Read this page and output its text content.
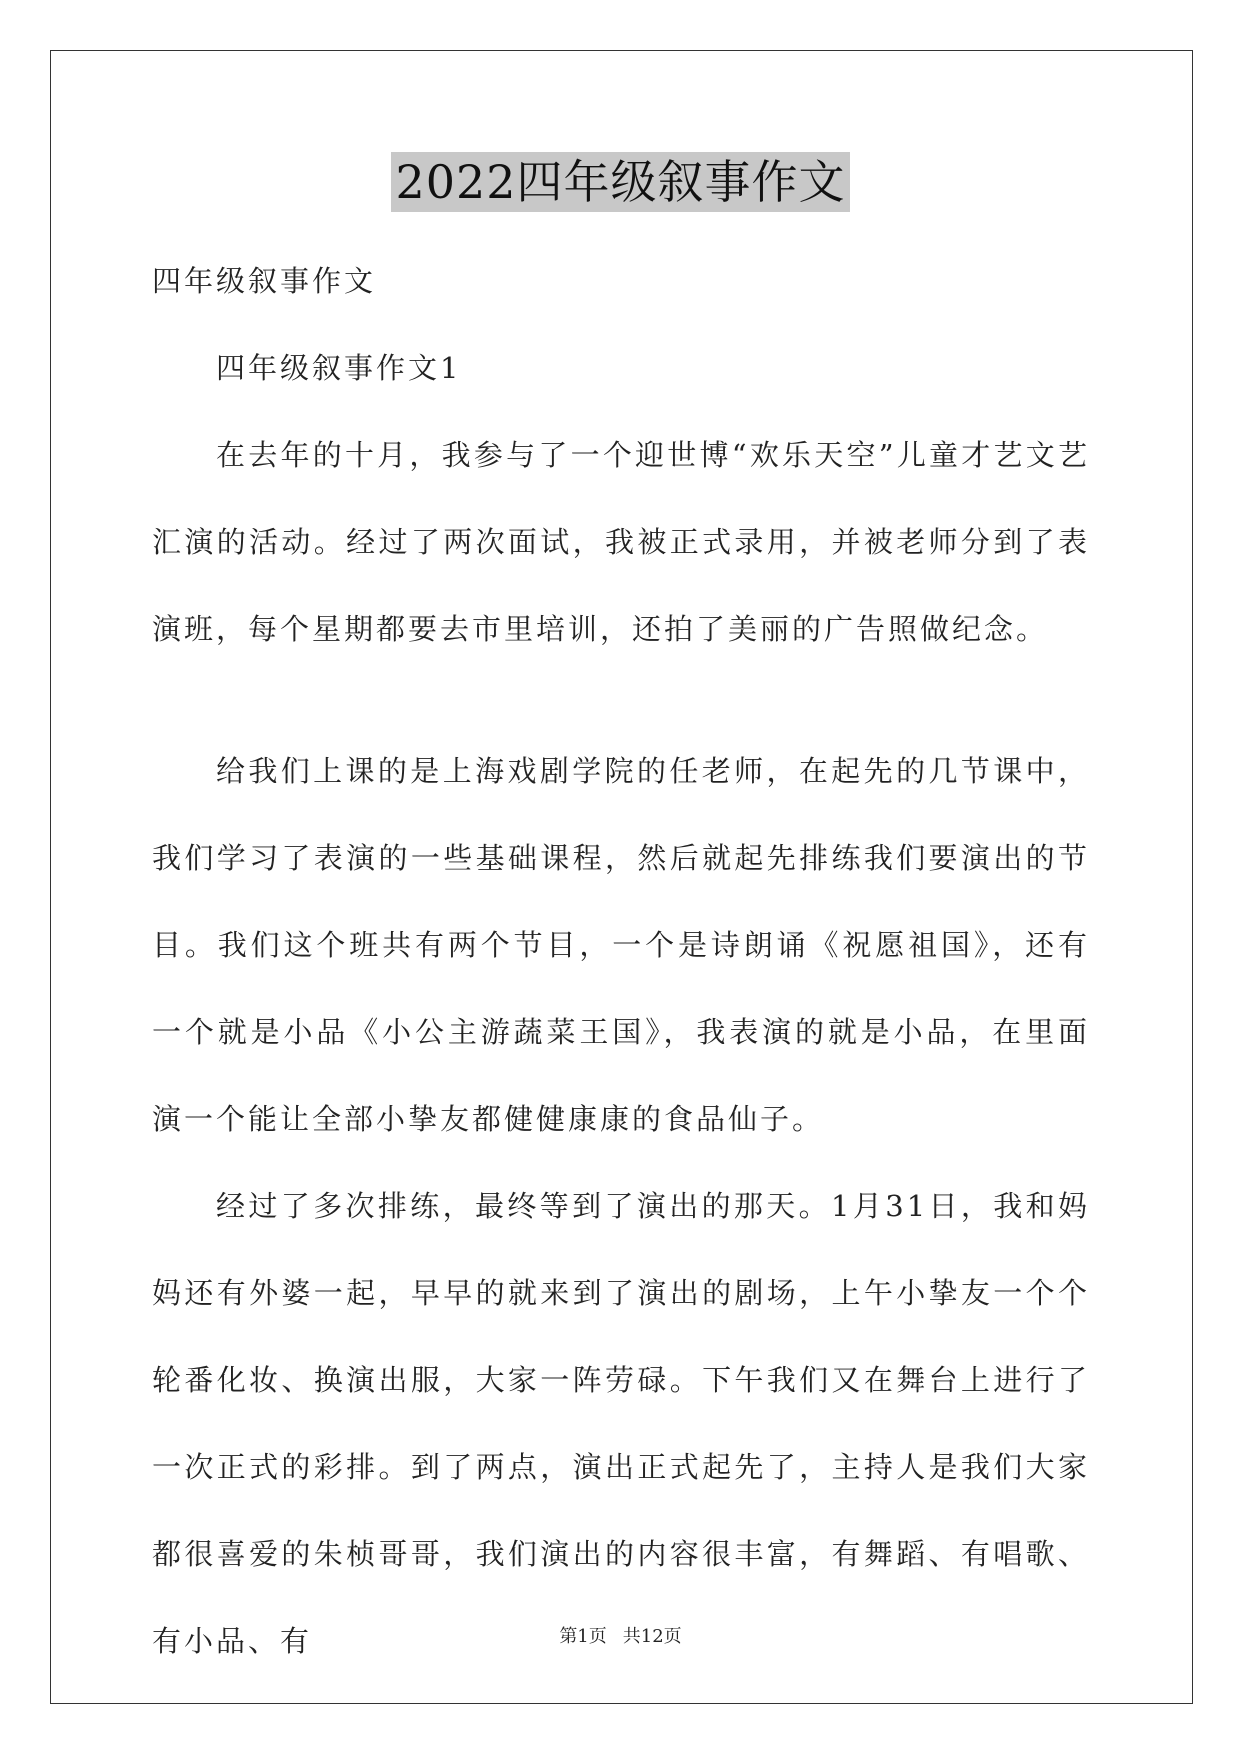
2022四年级叙事作文

四年级叙事作文

四年级叙事作文1

在去年的十月，我参与了一个迎世博“欢乐天空”儿童才艺文艺汇演的活动。经过了两次面试，我被正式录用，并被老师分到了表演班，每个星期都要去市里培训，还拍了美丽的广告照做纪念。

给我们上课的是上海戏剧学院的任老师，在起先的几节课中，我们学习了表演的一些基础课程，然后就起先排练我们要演出的节目。我们这个班共有两个节目，一个是诗朗诵《祝愿祖国》，还有一个就是小品《小公主游蔬菜王国》，我表演的就是小品，在里面演一个能让全部小挚友都健健康康的食品仙子。

经过了多次排练，最终等到了演出的那天。1月31日，我和妈妈还有外婆一起，早早的就来到了演出的剧场，上午小挚友一个个轮番化妆、换演出服，大家一阵劳碌。下午我们又在舞台上进行了一次正式的彩排。到了两点，演出正式起先了，主持人是我们大家都很喜爱的朱桢哥哥，我们演出的内容很丰富，有舞蹈、有唱歌、有小品、有	第1页 共12页
